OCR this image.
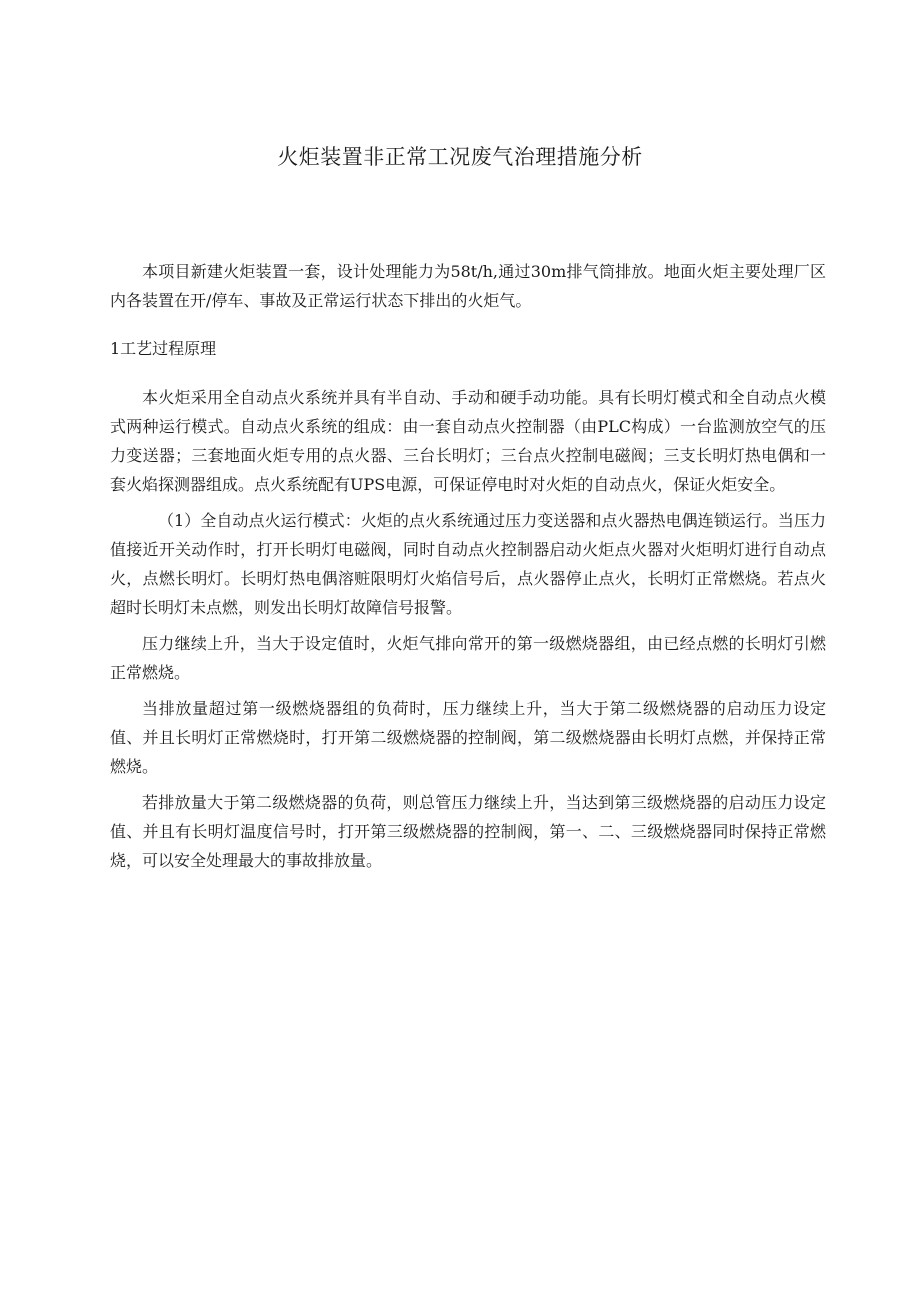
火炬装置非正常工况废气治理措施分析

本项目新建火炬装置一套，设计处理能力为58t/h,通过30m排气筒排放。地面火炬主要处理厂区内各装置在开/停车、事故及正常运行状态下排出的火炬气。

1工艺过程原理

本火炬采用全自动点火系统并具有半自动、手动和硬手动功能。具有长明灯模式和全自动点火模式两种运行模式。自动点火系统的组成：由一套自动点火控制器（由PLC构成）一台监测放空气的压力变送器；三套地面火炬专用的点火器、三台长明灯；三台点火控制电磁阀；三支长明灯热电偶和一套火焰探测器组成。点火系统配有UPS电源，可保证停电时对火炬的自动点火，保证火炬安全。

（1）全自动点火运行模式：火炬的点火系统通过压力变送器和点火器热电偶连锁运行。当压力值接近开关动作时，打开长明灯电磁阀，同时自动点火控制器启动火炬点火器对火炬明灯进行自动点火，点燃长明灯。长明灯热电偶溶赃限明灯火焰信号后，点火器停止点火，长明灯正常燃烧。若点火超时长明灯未点燃，则发出长明灯故障信号报警。

压力继续上升，当大于设定值时，火炬气排向常开的第一级燃烧器组，由已经点燃的长明灯引燃正常燃烧。

当排放量超过第一级燃烧器组的负荷时，压力继续上升，当大于第二级燃烧器的启动压力设定值、并且长明灯正常燃烧时，打开第二级燃烧器的控制阀，第二级燃烧器由长明灯点燃，并保持正常燃烧。

若排放量大于第二级燃烧器的负荷，则总管压力继续上升，当达到第三级燃烧器的启动压力设定值、并且有长明灯温度信号时，打开第三级燃烧器的控制阀，第一、二、三级燃烧器同时保持正常燃烧，可以安全处理最大的事故排放量。
